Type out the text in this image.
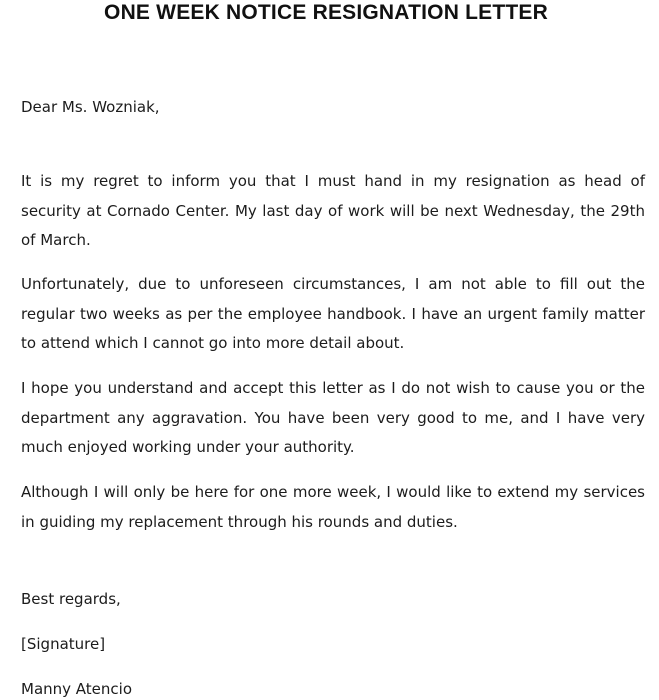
ONE WEEK NOTICE RESIGNATION LETTER

Dear Ms. Wozniak,

It is my regret to inform you that I must hand in my resignation as head of security at Cornado Center. My last day of work will be next Wednesday, the 29th of March.

Unfortunately, due to unforeseen circumstances, I am not able to fill out the regular two weeks as per the employee handbook. I have an urgent family matter to attend which I cannot go into more detail about.

I hope you understand and accept this letter as I do not wish to cause you or the department any aggravation. You have been very good to me, and I have very much enjoyed working under your authority.

Although I will only be here for one more week, I would like to extend my services in guiding my replacement through his rounds and duties.

Best regards,

[Signature]

Manny Atencio
